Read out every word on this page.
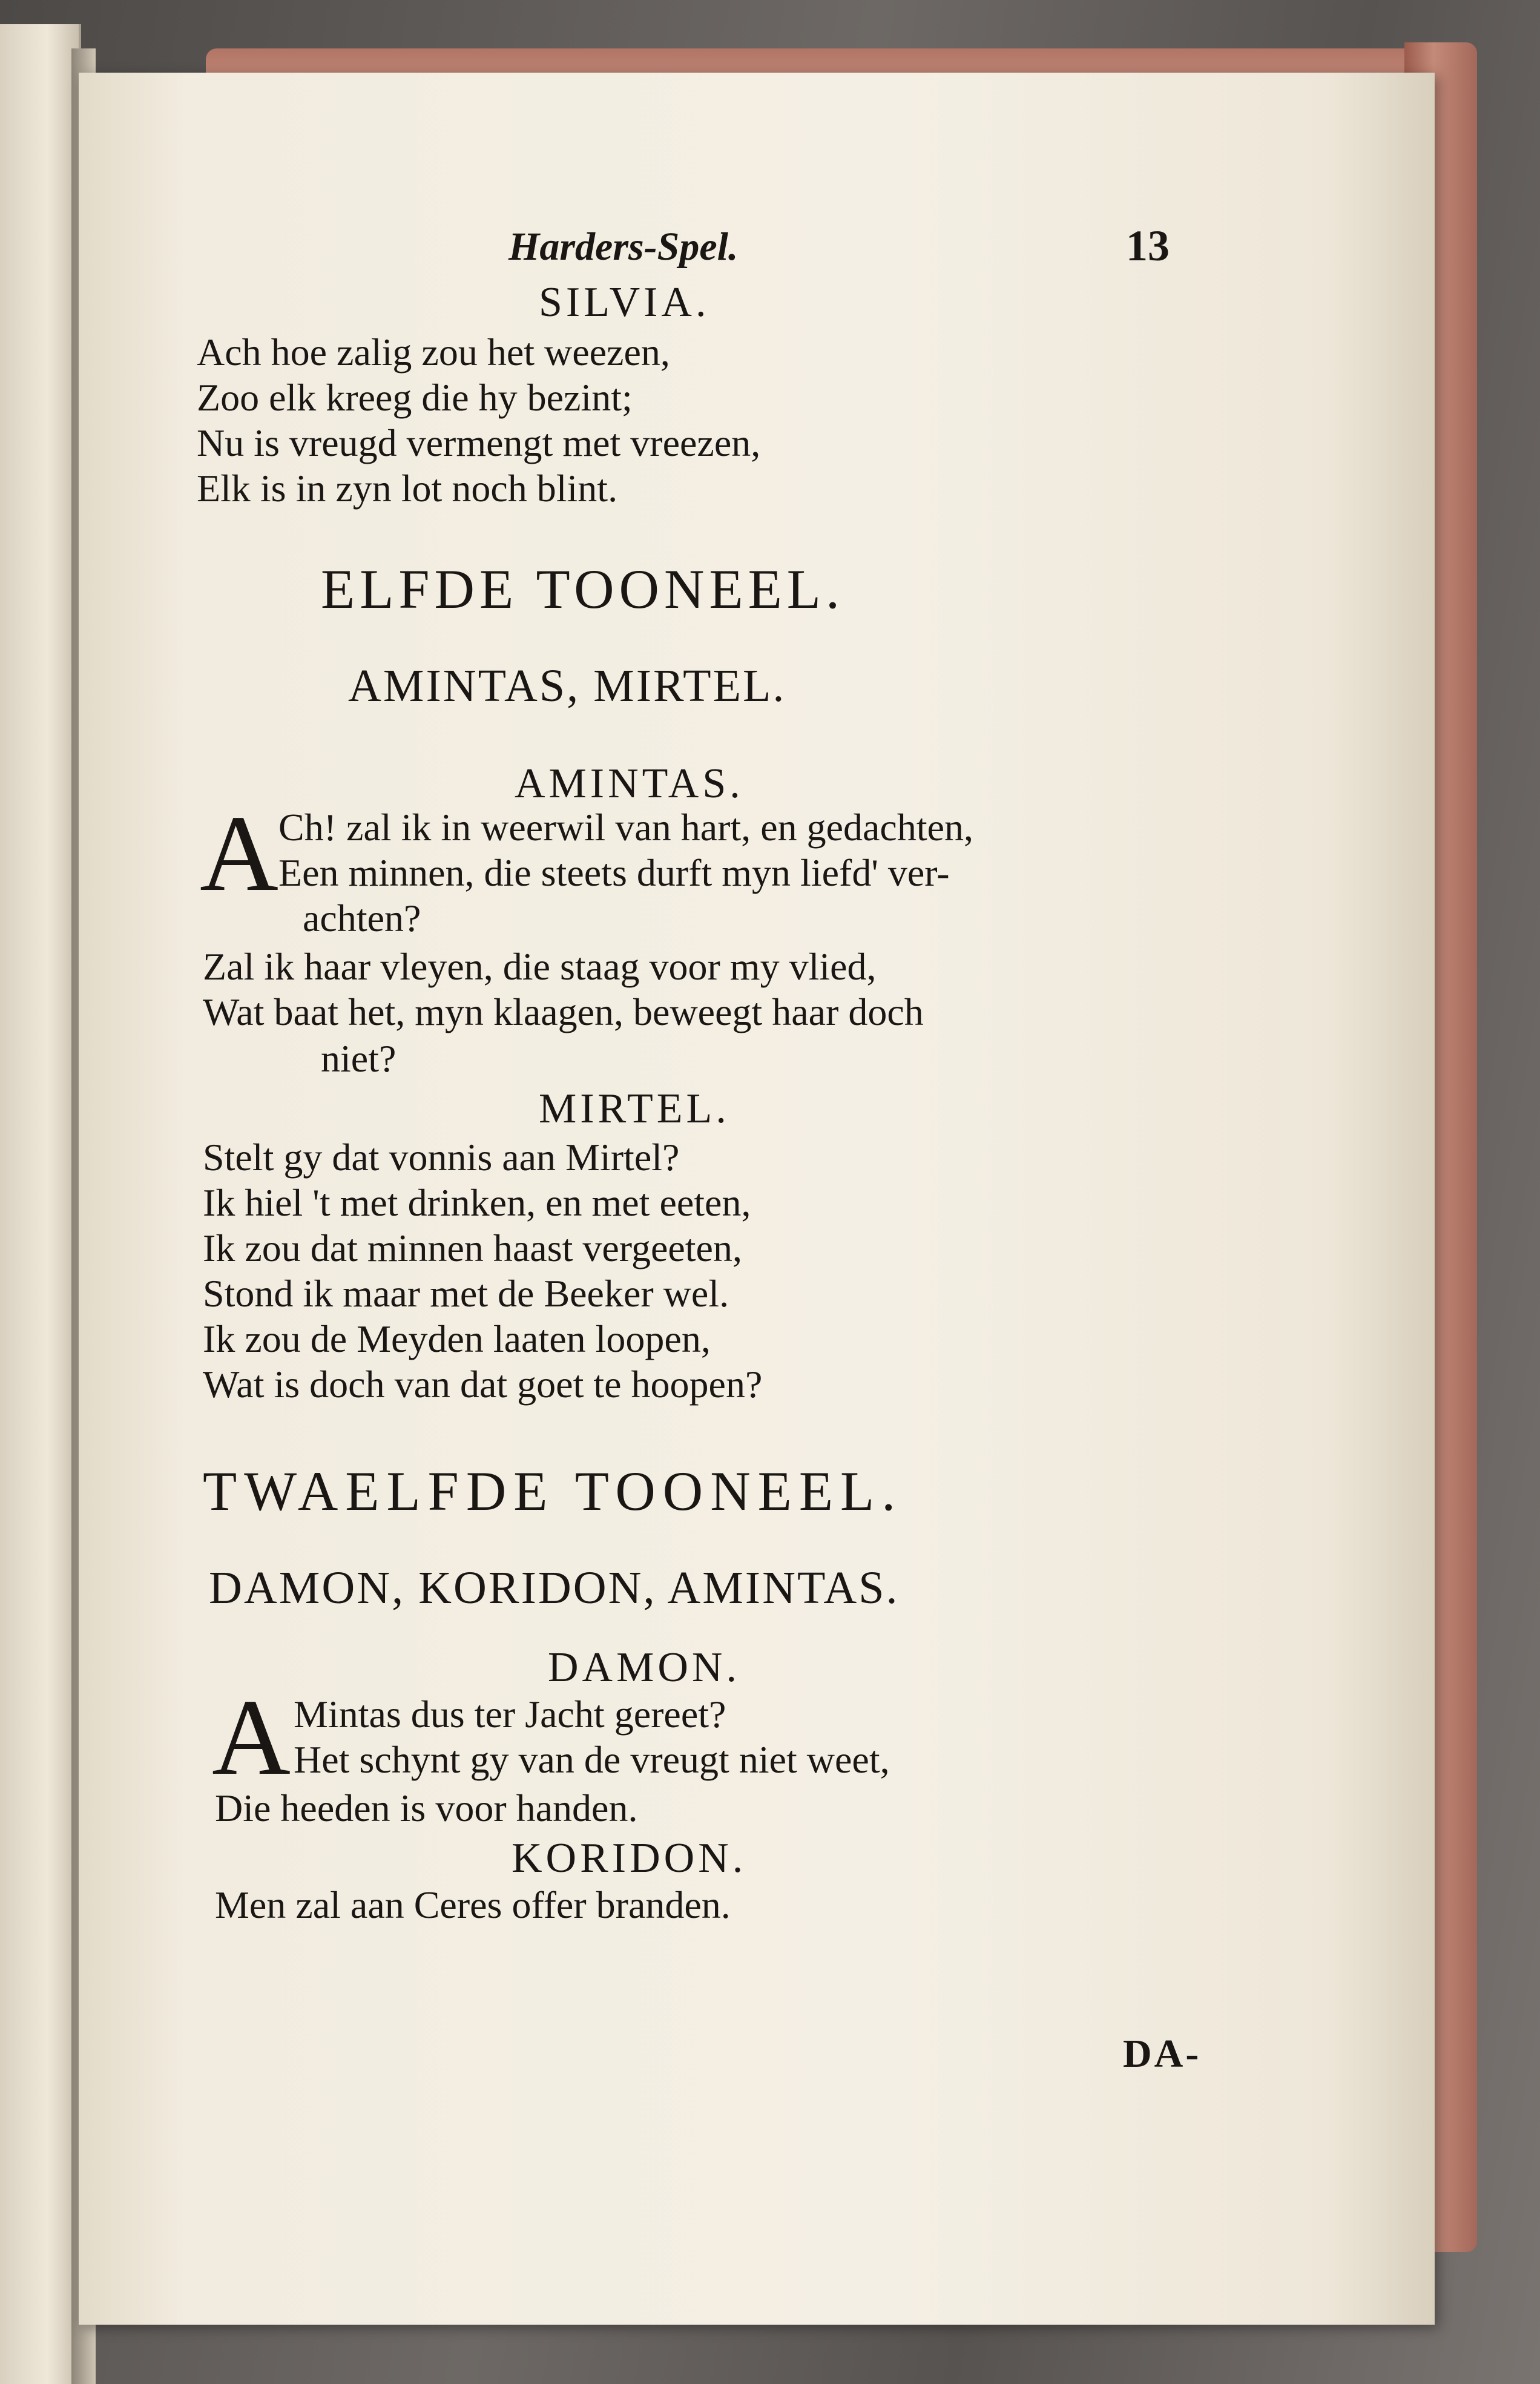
Harders-Spel.	13
SILVIA.
Ach hoe zalig zou het weezen,
Zoo elk kreeg die hy bezint;
Nu is vreugd vermengt met vreezen,
Elk is in zyn lot noch blint.
ELFDE TOONEEL.
AMINTAS, MIRTEL.
AMINTAS.
A Ch! zal ik in weerwil van hart, en gedachten,
Een minnen, die steets durft myn liefd' ver-
achten?
Zal ik haar vleyen, die staag voor my vlied,
Wat baat het, myn klaagen, beweegt haar doch
niet?
MIRTEL.
Stelt gy dat vonnis aan Mirtel?
Ik hiel 't met drinken, en met eeten,
Ik zou dat minnen haast vergeeten,
Stond ik maar met de Beeker wel.
Ik zou de Meyden laaten loopen,
Wat is doch van dat goet te hoopen?
TWAELFDE TOONEEL.
DAMON, KORIDON, AMINTAS.
DAMON.
A Mintas dus ter Jacht gereet?
Het schynt gy van de vreugt niet weet,
Die heeden is voor handen.
KORIDON.
Men zal aan Ceres offer branden.
DA-
